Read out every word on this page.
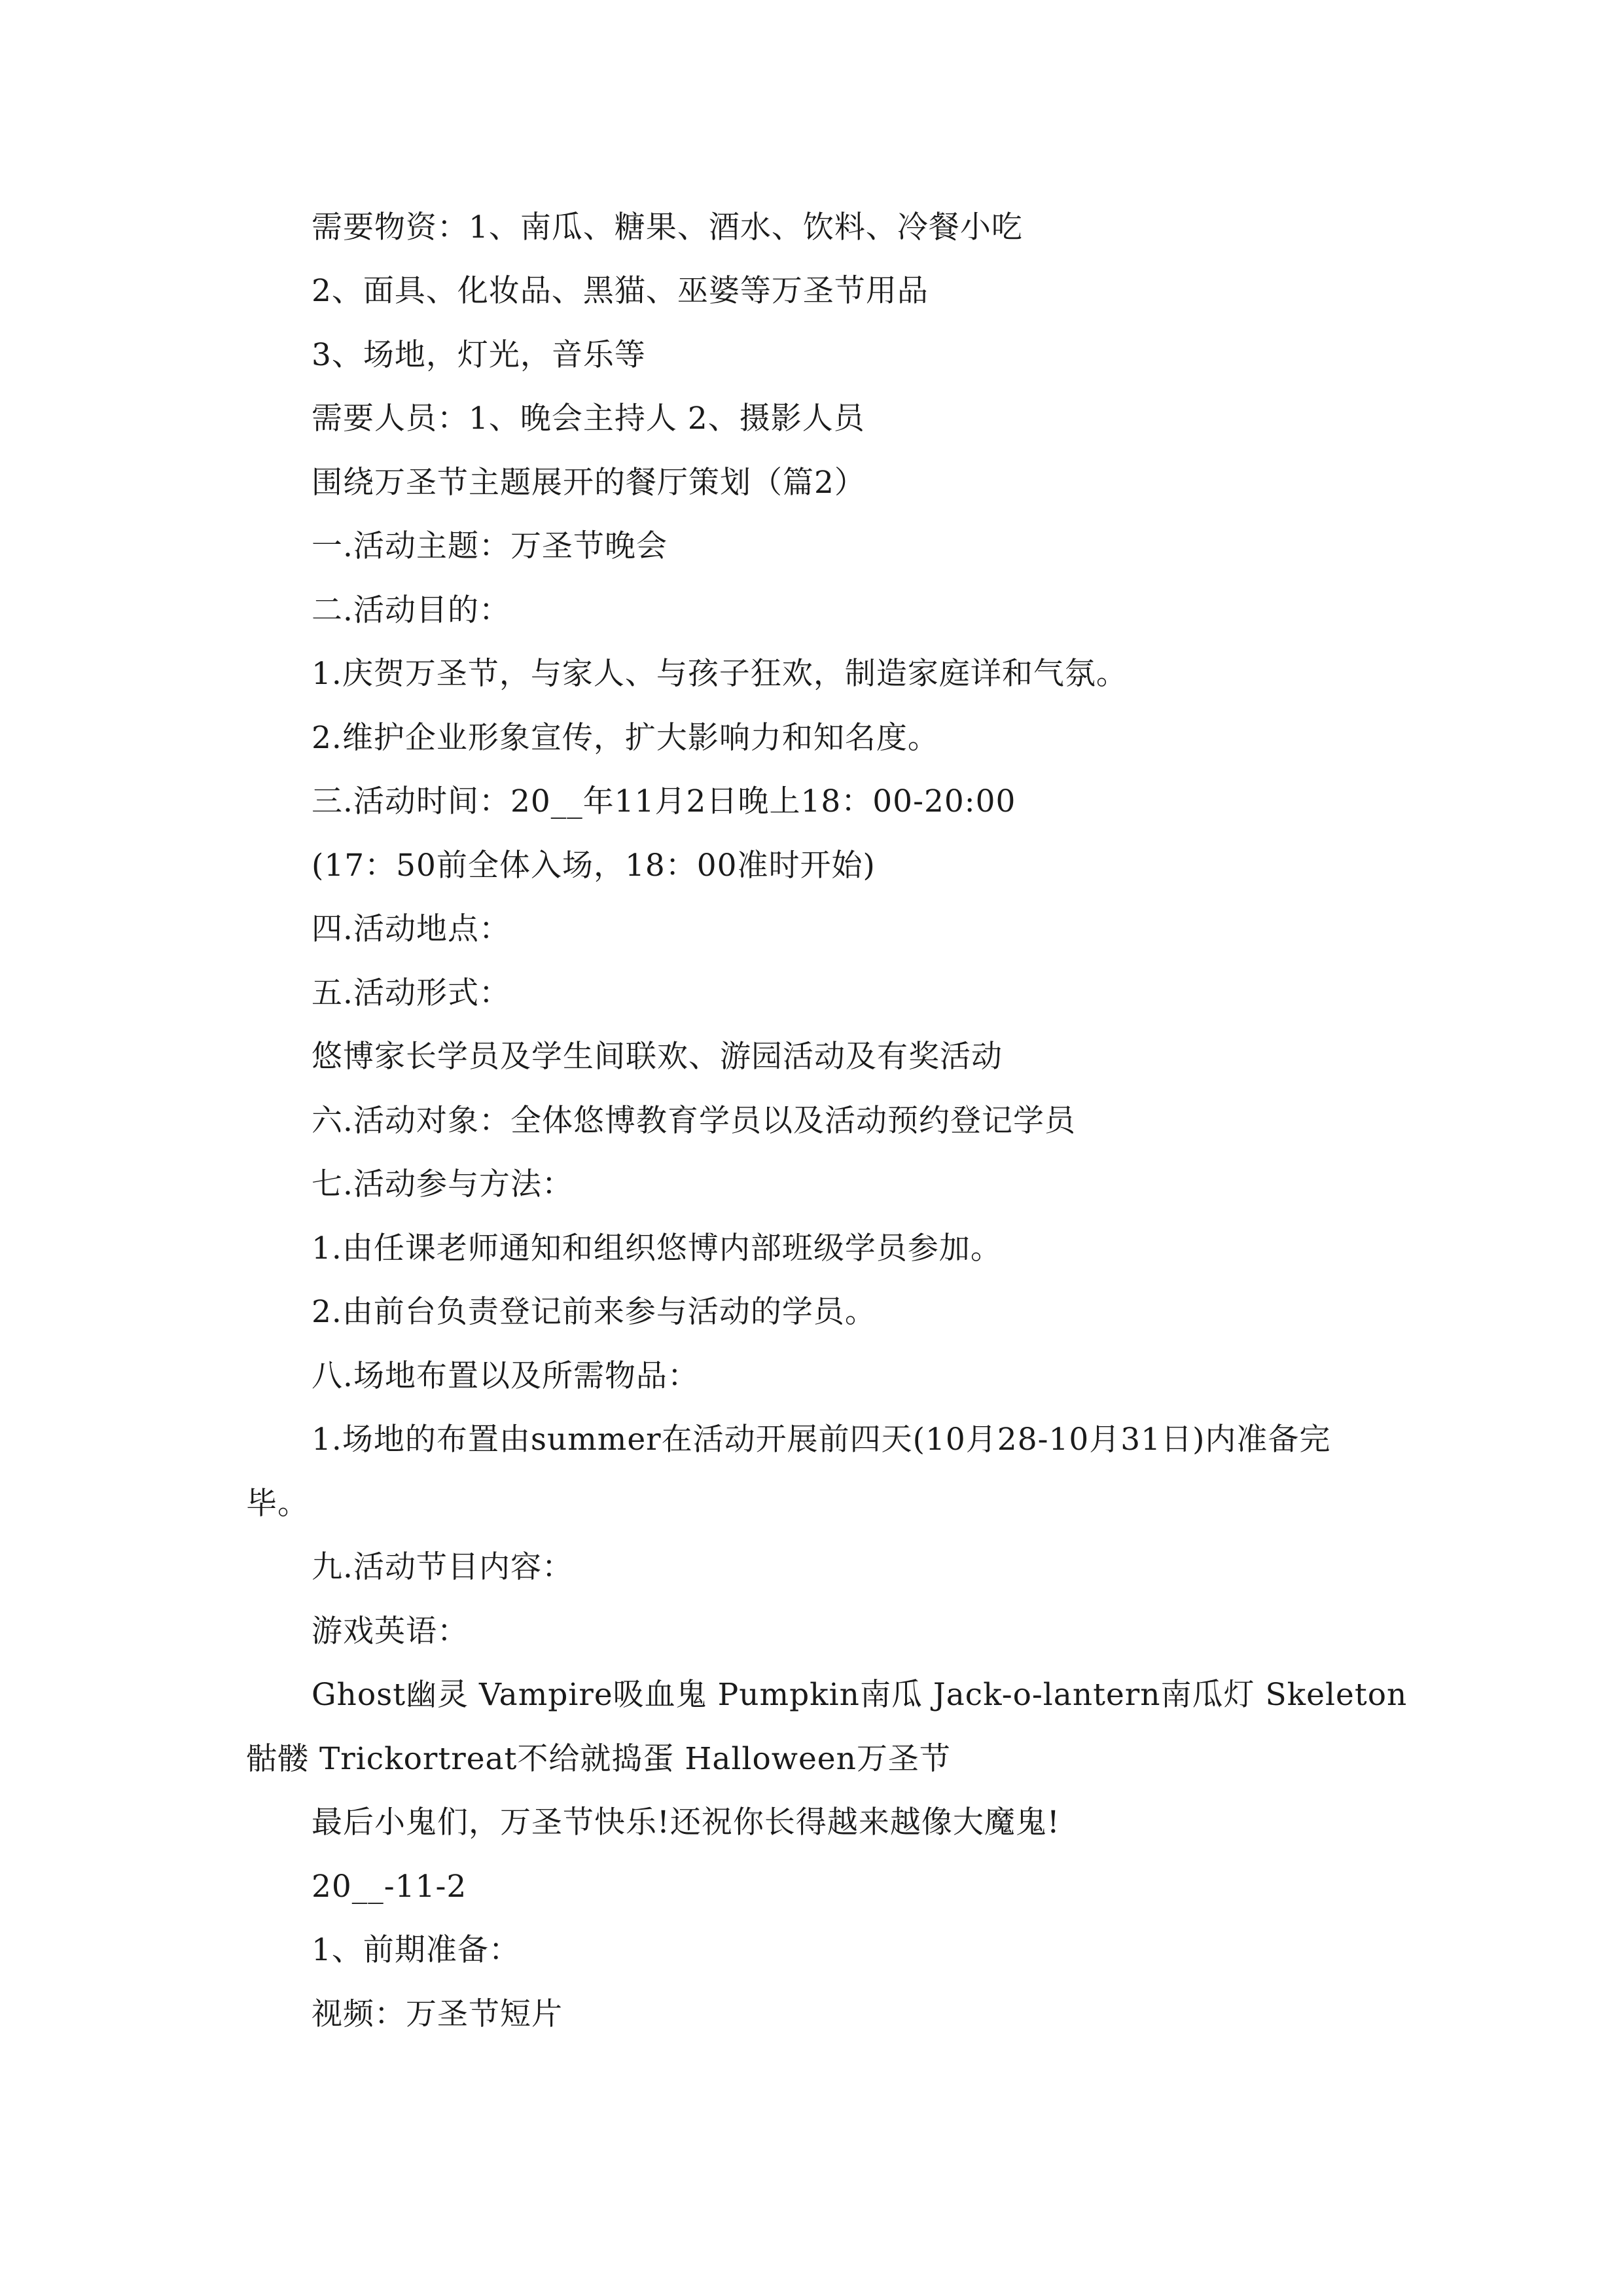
需要物资：1、南瓜、糖果、酒水、饮料、冷餐小吃
2、面具、化妆品、黑猫、巫婆等万圣节用品
3、场地，灯光，音乐等
需要人员：1、晚会主持人 2、摄影人员
围绕万圣节主题展开的餐厅策划（篇2）
一.活动主题：万圣节晚会
二.活动目的：
1.庆贺万圣节，与家人、与孩子狂欢，制造家庭详和气氛。
2.维护企业形象宣传，扩大影响力和知名度。
三.活动时间：20__年11月2日晚上18：00-20:00
(17：50前全体入场，18：00准时开始)
四.活动地点：
五.活动形式：
悠博家长学员及学生间联欢、游园活动及有奖活动
六.活动对象：全体悠博教育学员以及活动预约登记学员
七.活动参与方法：
1.由任课老师通知和组织悠博内部班级学员参加。
2.由前台负责登记前来参与活动的学员。
八.场地布置以及所需物品：
1.场地的布置由summer在活动开展前四天(10月28-10月31日)内准备完
毕。
九.活动节目内容：
游戏英语：
Ghost幽灵 Vampire吸血鬼 Pumpkin南瓜 Jack-o-lantern南瓜灯 Skeleton
骷髅 Trickortreat不给就捣蛋 Halloween万圣节
最后小鬼们，万圣节快乐!还祝你长得越来越像大魔鬼!
20__-11-2
1、前期准备：
视频：万圣节短片
